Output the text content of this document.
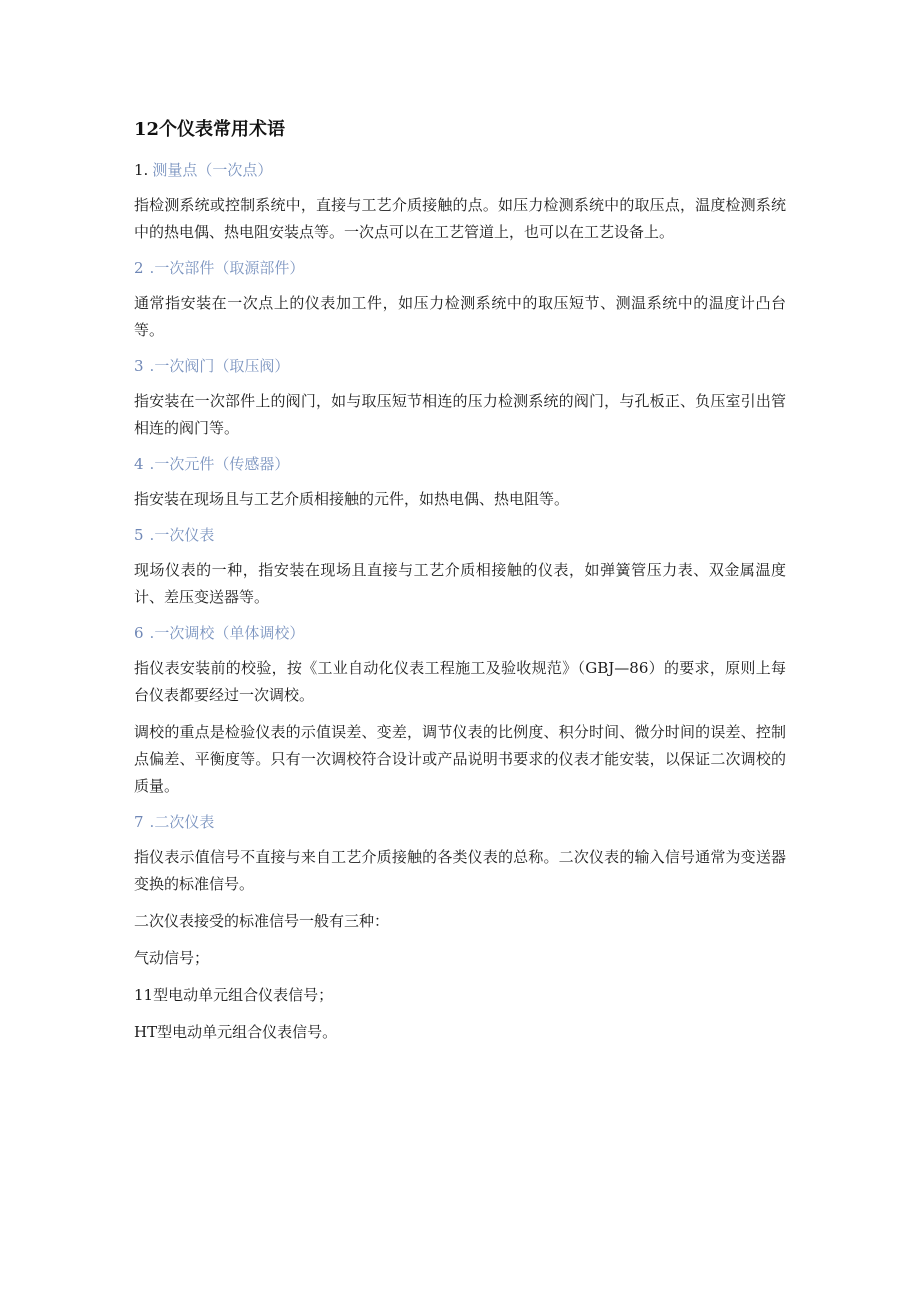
12个仪表常用术语
1. 测量点（一次点）

指检测系统或控制系统中，直接与工艺介质接触的点。如压力检测系统中的取压点，温度检测系统中的热电偶、热电阻安装点等。一次点可以在工艺管道上，也可以在工艺设备上。

2 .一次部件（取源部件）

通常指安装在一次点上的仪表加工件，如压力检测系统中的取压短节、测温系统中的温度计凸台等。

3 .一次阀门（取压阀）

指安装在一次部件上的阀门，如与取压短节相连的压力检测系统的阀门，与孔板正、负压室引出管相连的阀门等。

4 .一次元件（传感器）

指安装在现场且与工艺介质相接触的元件，如热电偶、热电阻等。

5 .一次仪表

现场仪表的一种，指安装在现场且直接与工艺介质相接触的仪表，如弹簧管压力表、双金属温度计、差压变送器等。

6 .一次调校（单体调校）

指仪表安装前的校验，按《工业自动化仪表工程施工及验收规范》（GBJ—86）的要求，原则上每台仪表都要经过一次调校。

调校的重点是检验仪表的示值误差、变差，调节仪表的比例度、积分时间、微分时间的误差、控制点偏差、平衡度等。只有一次调校符合设计或产品说明书要求的仪表才能安装，以保证二次调校的质量。

7 .二次仪表

指仪表示值信号不直接与来自工艺介质接触的各类仪表的总称。二次仪表的输入信号通常为变送器变换的标准信号。

二次仪表接受的标准信号一般有三种：

气动信号；

11型电动单元组合仪表信号；

HT型电动单元组合仪表信号。
